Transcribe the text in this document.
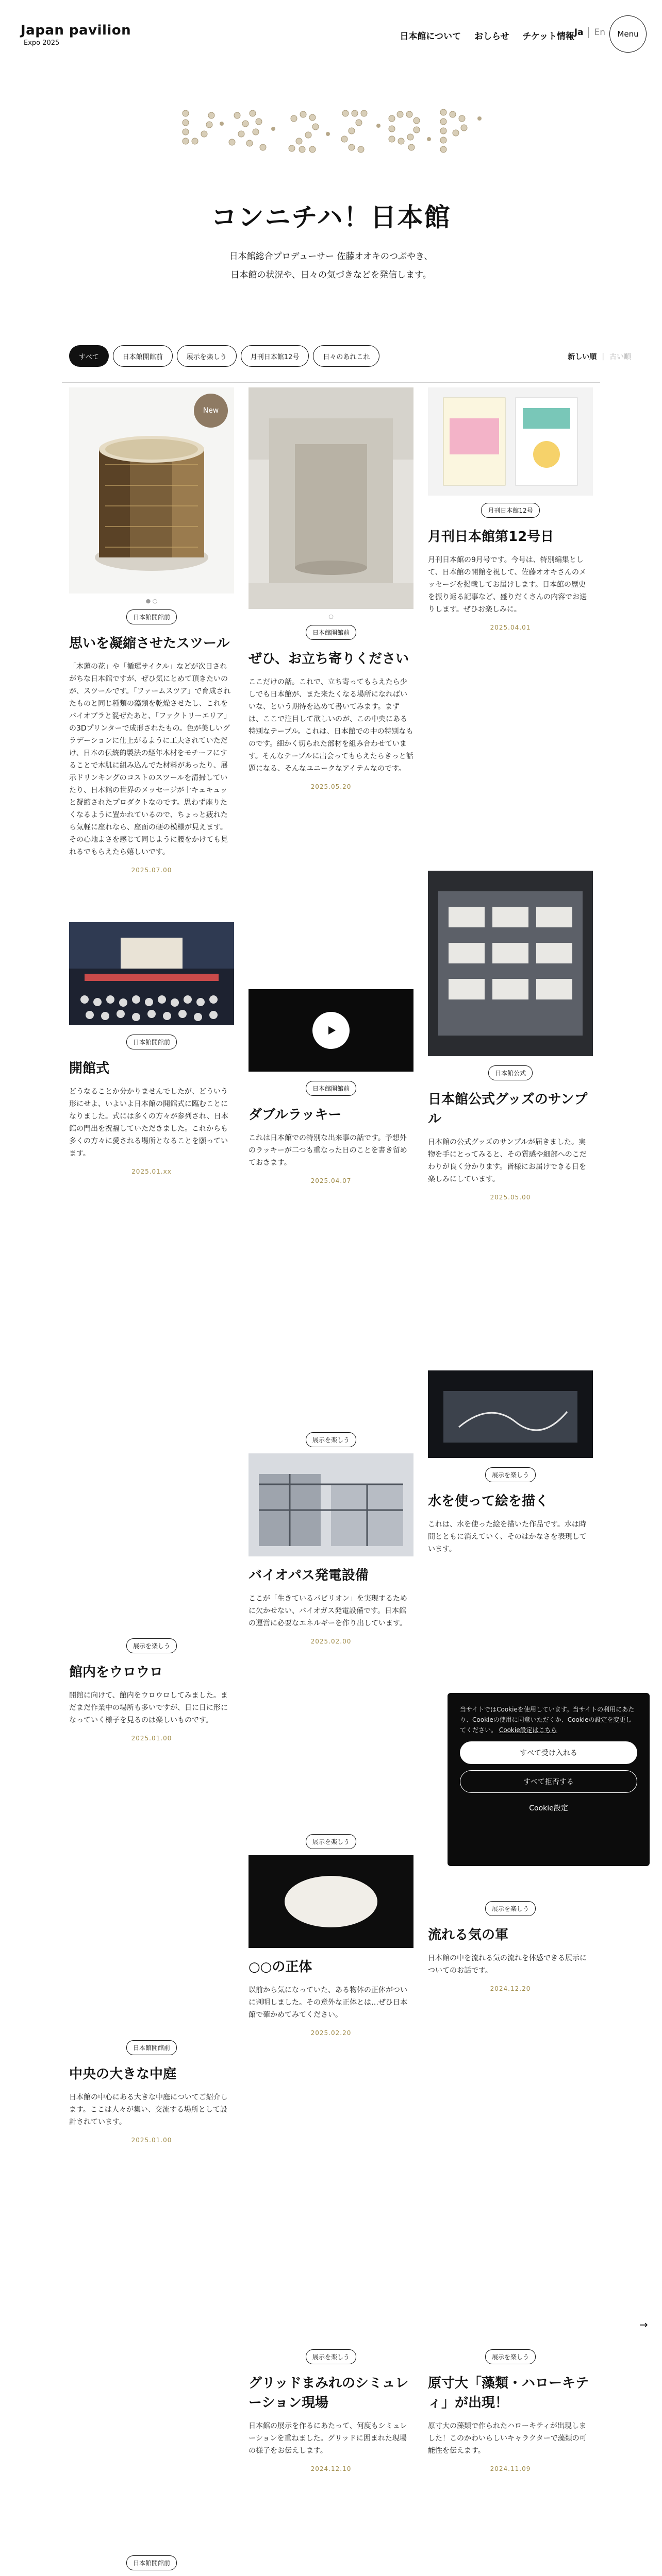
Japan pavilion
Expo 2025
日本館について おしらせ チケット情報 Ja En	Menu
コンニチハ！日本館
日本館総合プロデューサー 佐藤オオキのつぶやき、
日本館の状況や、日々の気づきなどを発信します。
すべて	日本館開館前	展示を楽しう	月刊日本館12号	日々のあれこれ	新しい順 | 古い順
New
● ○
日本館開館前
思いを凝縮させたスツール
「木蓮の花」や「循環サイクル」などが次日されがちな日本館ですが、ぜひ気にとめて頂きたいのが、スツールです。「ファームスツア」で育成されたものと同じ種類の藻類を乾燥させたし、これをバイオプラと混ぜたあと、「ファクトリーエリア」の3Dプリンターで成形されたもの。色が美しいグラデーションに仕上がるように工夫されていただけ、日本の伝統的製法の経年木材をモチーフにすることで木肌に組み込んでた材料があったり、展示ドリンキングのコストのスツールを清掃していたり、日本館の世界のメッセージが十キェキュッと凝縮されたプロダクトなのです。思わず座りたくなるように置かれているので、ちょっと疲れたら気軽に座れなら、座面の硬の模様が見えます。その心地よさを感じて同じように腰をかけても見れるでもらえたら嬉しいです。
2025.07.00
日本館開館前
開館式
どうなることか分かりませんでしたが、どういう形にせよ、いよいよ日本館の開館式に臨むことになりました。式には多くの方々が参列され、日本館の門出を祝福していただきました。これからも多くの方々に愛される場所となることを願っています。
2025.01.xx
展示を楽しう
館内をウロウロ
開館に向けて、館内をウロウロしてみました。まだまだ作業中の場所も多いですが、日に日に形になっていく様子を見るのは楽しいものです。
2025.01.00
日本館開館前
中央の大きな中庭
日本館の中心にある大きな中庭についてご紹介します。ここは人々が集い、交流する場所として設計されています。
2025.01.00
日本館開館前
○
日本館開館前
ぜひ、お立ち寄りください
ここだけの話。これで、立ち寄ってもらえたら少しでも日本館が、また来たくなる場所になればいいな、という期待を込めて書いてみます。まずは、ここで注目して欲しいのが、この中央にある特別なテーブル。これは、日本館での中の特別なものです。細かく切られた部材を組み合わせています。そんなテーブルに出会ってもらえたらきっと話題になる、そんなユニークなアイテムなのです。
2025.05.20
日本館開館前
ダブルラッキー
これは日本館での特別な出来事の話です。予想外のラッキーが二つも重なった日のことを書き留めておきます。
2025.04.07
展示を楽しう
バイオパス発電設備
ここが「生きているパビリオン」を実現するために欠かせない、バイオガス発電設備です。日本館の運営に必要なエネルギーを作り出しています。
2025.02.00
展示を楽しう
○○の正体
以前から気になっていた、ある物体の正体がついに判明しました。その意外な正体とは…ぜひ日本館で確かめてみてください。
2025.02.20
展示を楽しう
グリッドまみれのシミュレーション現場
日本館の展示を作るにあたって、何度もシミュレーションを重ねました。グリッドに囲まれた現場の様子をお伝えします。
2024.12.10
月刊日本館12号
月刊日本館第12号日
月刊日本館の9月号です。今号は、特別編集として、日本館の開館を祝して、佐藤オオキさんのメッセージを掲載してお届けします。日本館の歴史を振り返る記事など、盛りだくさんの内容でお送りします。ぜひお楽しみに。
2025.04.01
日本館公式
日本館公式グッズのサンプル
日本館の公式グッズのサンプルが届きました。実物を手にとってみると、その質感や細部へのこだわりが良く分かります。皆様にお届けできる日を楽しみにしています。
2025.05.00
展示を楽しう
水を使って絵を描く
これは、水を使った絵を描いた作品です。水は時間とともに消えていく、そのはかなさを表現しています。
展示を楽しう
流れる気の軍
日本館の中を流れる気の流れを体感できる展示についてのお話です。
2024.12.20
展示を楽しう
原寸大「藻類・ハローキティ」が出現！
原寸大の藻類で作られたハローキティが出現しました！このかわいらしいキャラクターで藻類の可能性を伝えます。
2024.11.09
→
当サイトではCookieを使用しています。当サイトの利用にあたり、Cookieの使用に同意いただくか、Cookieの設定を変更してください。 Cookie設定はこちら
すべて受け入れる
すべて拒否する
Cookie設定
